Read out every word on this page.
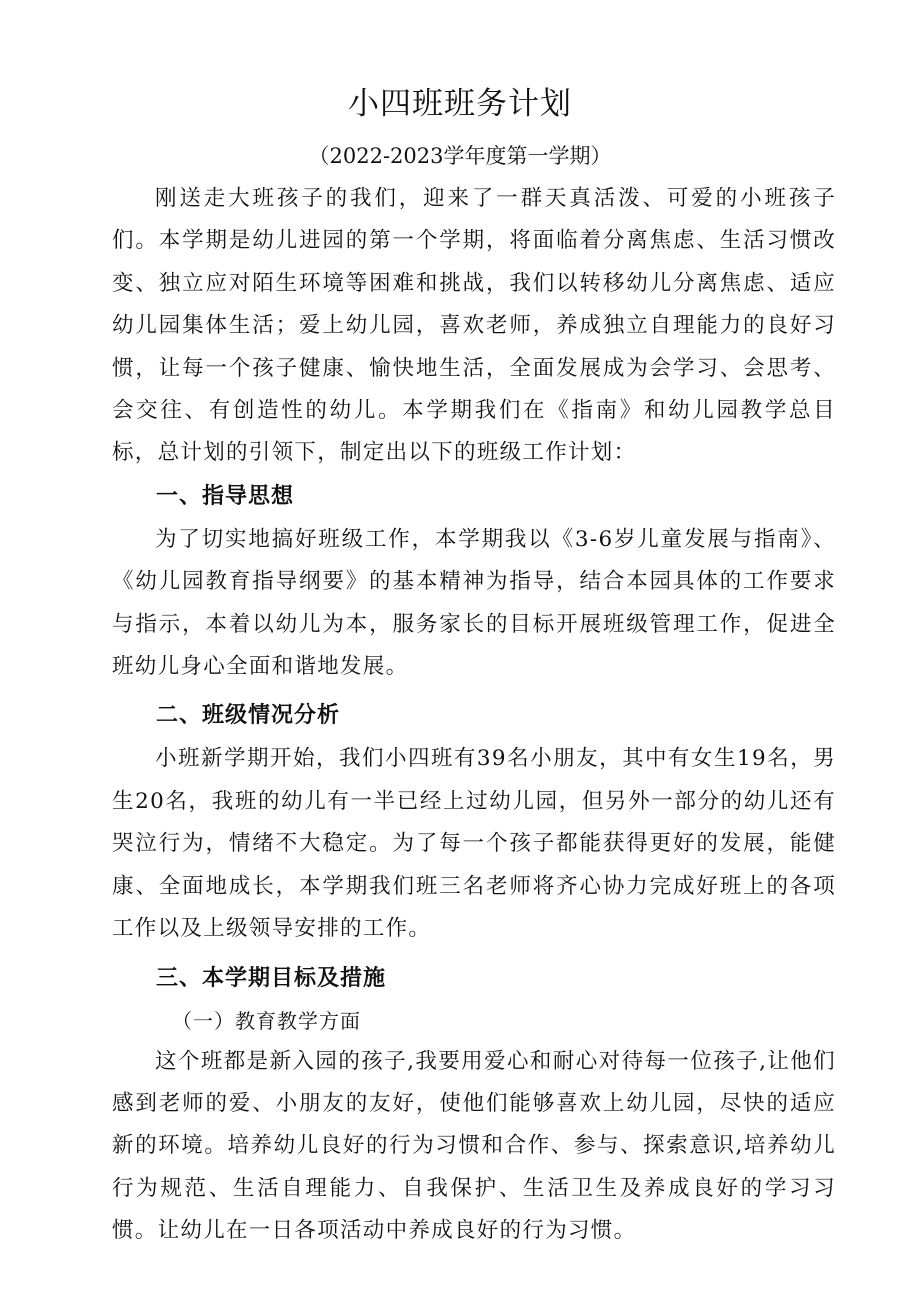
小四班班务计划

（2022-2023学年度第一学期）

刚送走大班孩子的我们，迎来了一群天真活泼、可爱的小班孩子们。本学期是幼儿进园的第一个学期，将面临着分离焦虑、生活习惯改变、独立应对陌生环境等困难和挑战，我们以转移幼儿分离焦虑、适应幼儿园集体生活；爱上幼儿园，喜欢老师，养成独立自理能力的良好习惯，让每一个孩子健康、愉快地生活，全面发展成为会学习、会思考、会交往、有创造性的幼儿。本学期我们在《指南》和幼儿园教学总目标，总计划的引领下，制定出以下的班级工作计划：

一、指导思想

为了切实地搞好班级工作，本学期我以《3-6岁儿童发展与指南》、《幼儿园教育指导纲要》的基本精神为指导，结合本园具体的工作要求与指示，本着以幼儿为本，服务家长的目标开展班级管理工作，促进全班幼儿身心全面和谐地发展。

二、班级情况分析

小班新学期开始，我们小四班有39名小朋友，其中有女生19名，男生20名，我班的幼儿有一半已经上过幼儿园，但另外一部分的幼儿还有哭泣行为，情绪不大稳定。为了每一个孩子都能获得更好的发展，能健康、全面地成长，本学期我们班三名老师将齐心协力完成好班上的各项工作以及上级领导安排的工作。

三、本学期目标及措施

（一）教育教学方面

这个班都是新入园的孩子,我要用爱心和耐心对待每一位孩子,让他们感到老师的爱、小朋友的友好，使他们能够喜欢上幼儿园，尽快的适应新的环境。培养幼儿良好的行为习惯和合作、参与、探索意识,培养幼儿行为规范、生活自理能力、自我保护、生活卫生及养成良好的学习习惯。让幼儿在一日各项活动中养成良好的行为习惯。
